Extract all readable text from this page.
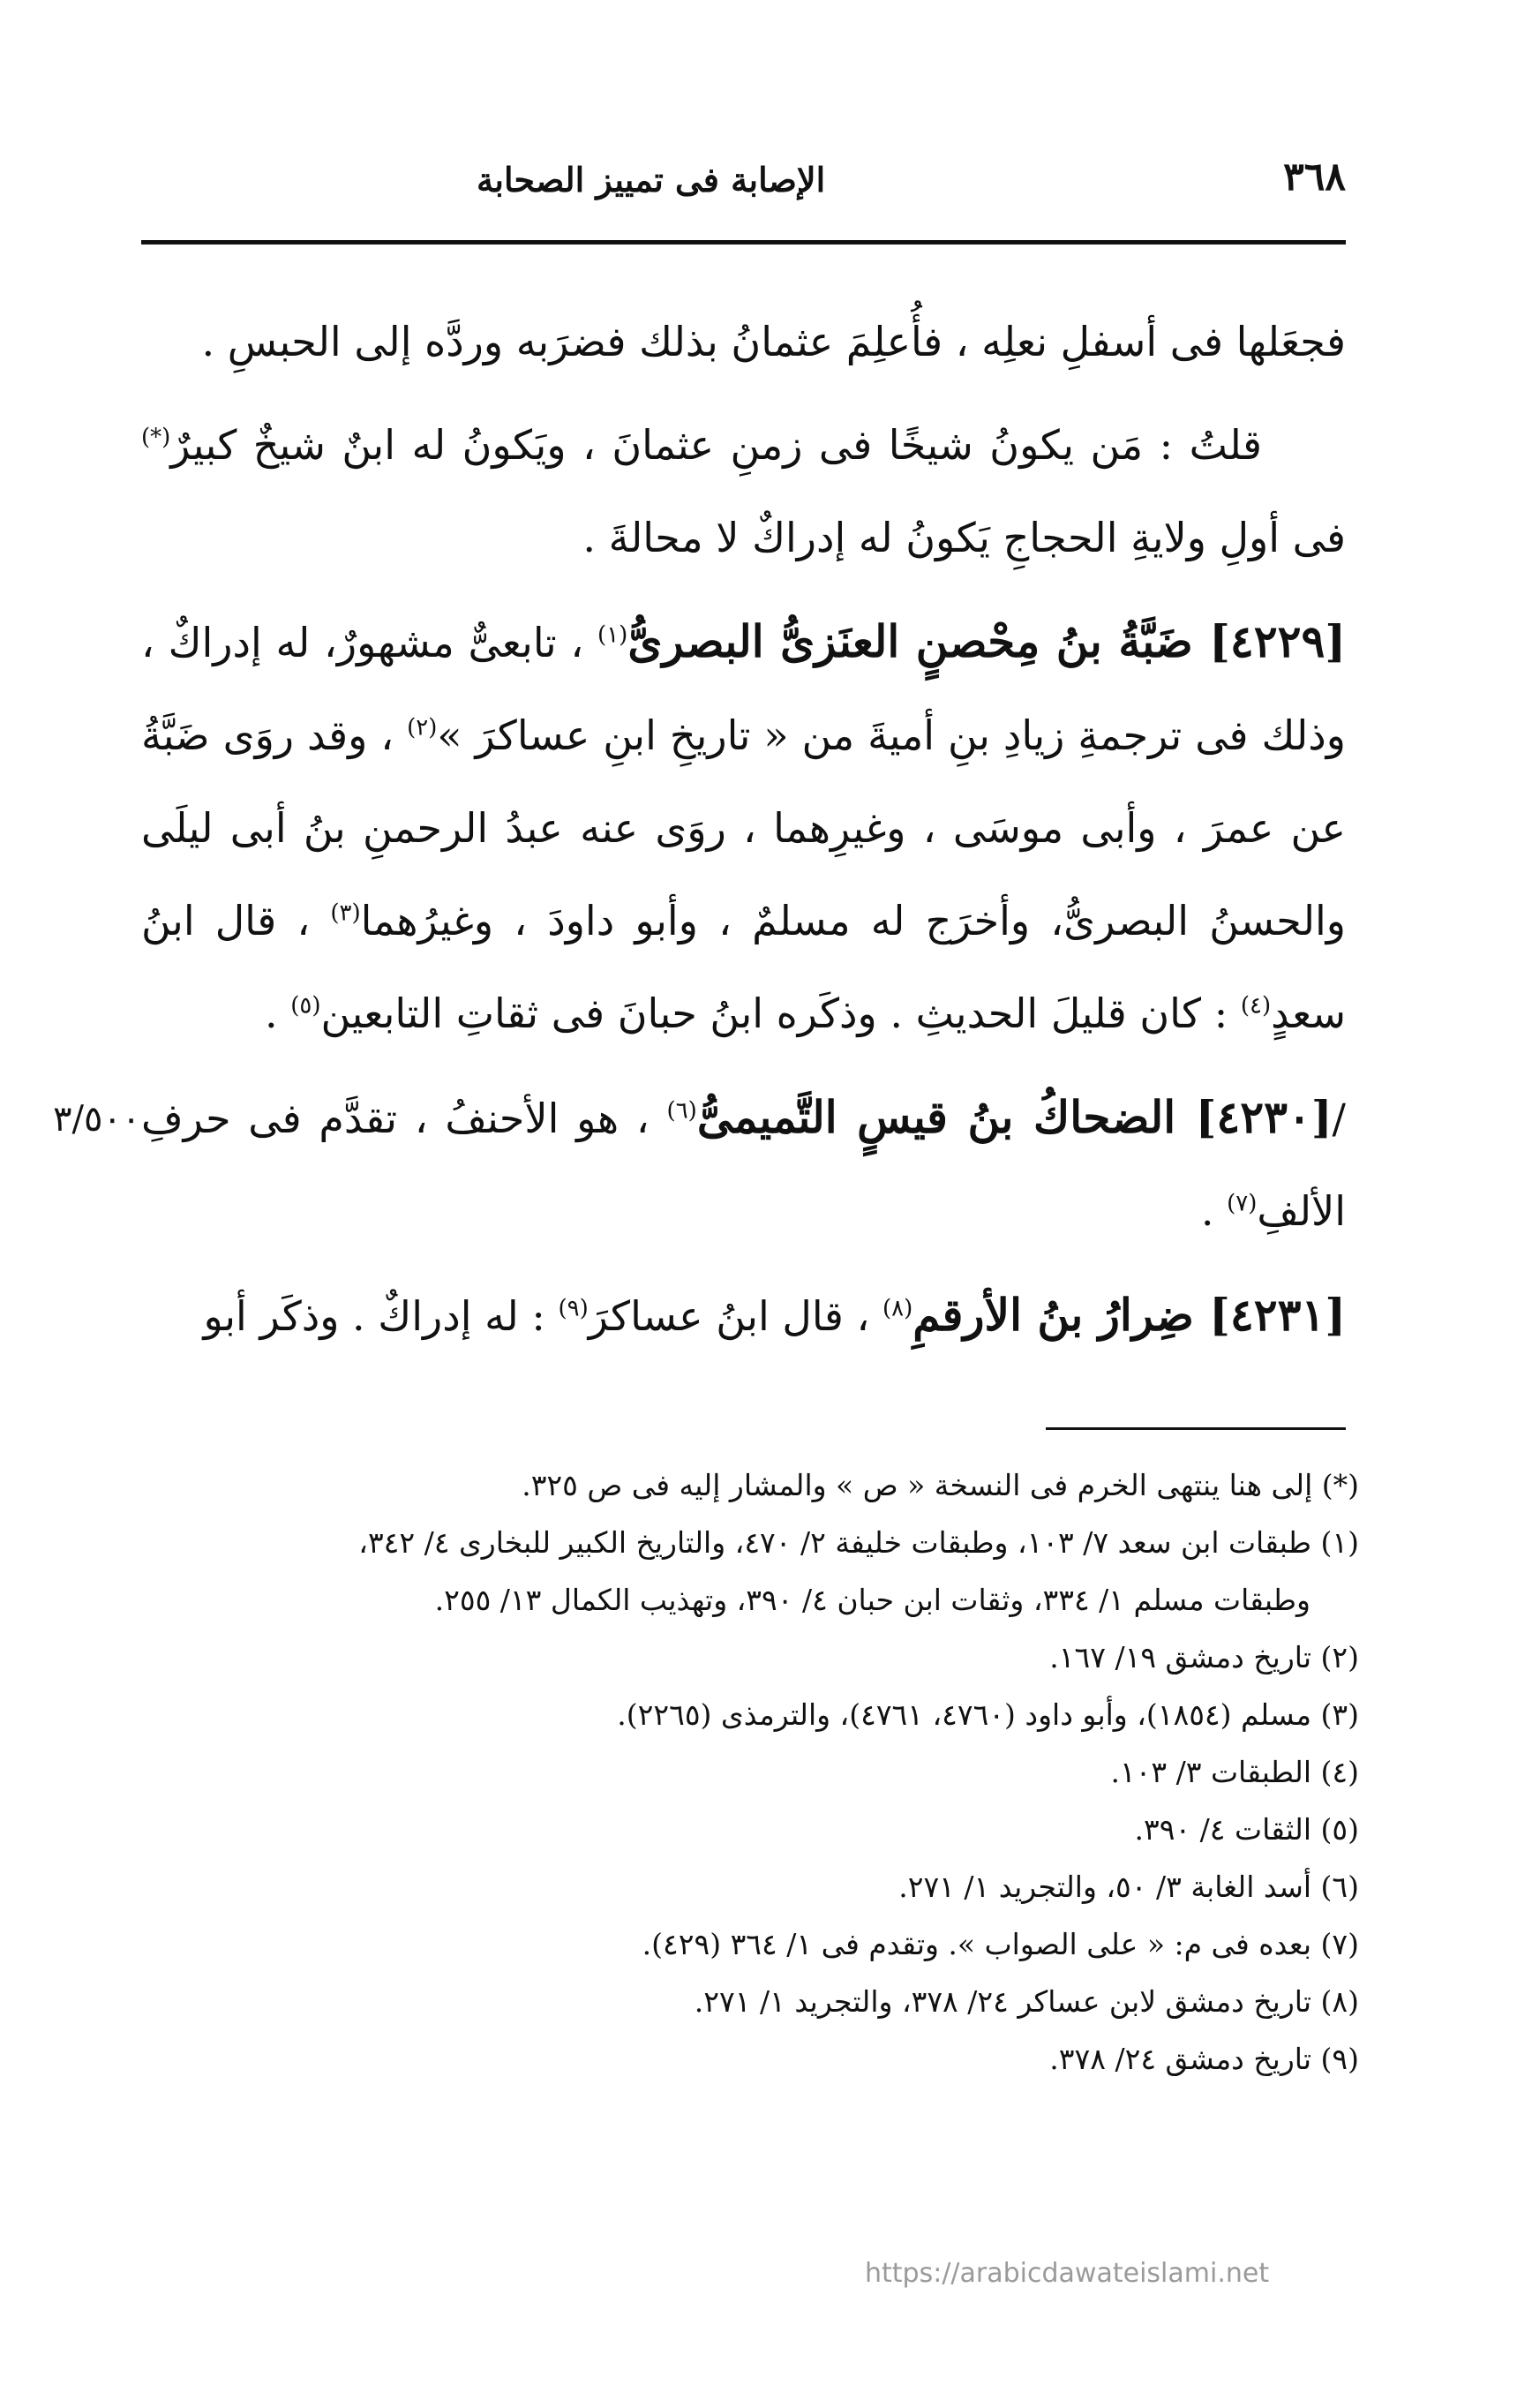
٣٦٨
الإصابة فى تمييز الصحابة
٣/٥٠٠

فجعَلها فى أسفلِ نعلِه ، فأُعلِمَ عثمانُ بذلك فضرَبه وردَّه إلى الحبسِ .

قلتُ : مَن يكونُ شيخًا فى زمنِ عثمانَ ، ويَكونُ له ابنٌ شيخٌ كبيرٌ(*) فى أولِ ولايةِ الحجاجِ يَكونُ له إدراكٌ لا محالةَ .

[٤٢٢٩] ضَبَّةُ بنُ مِحْصنٍ العنَزىُّ البصرىُّ$^{(١)}$ ، تابعىٌّ مشهورٌ، له إدراكٌ ، وذلك فى ترجمةِ زيادِ بنِ أميةَ من « تاريخِ ابنِ عساكرَ »$^{(٢)}$ ، وقد روَى ضَبَّةُ عن عمرَ ، وأبى موسَى ، وغيرِهما ، روَى عنه عبدُ الرحمنِ بنُ أبى ليلَى والحسنُ البصرىُّ، وأخرَج له مسلمٌ ، وأبو داودَ ، وغيرُهما$^{(٣)}$ ، قال ابنُ سعدٍ$^{(٤)}$ : كان قليلَ الحديثِ . وذكَره ابنُ حبانَ فى ثقاتِ التابعين$^{(٥)}$ .

/[٤٢٣٠] الضحاكُ بنُ قيسٍ التَّميمىُّ$^{(٦)}$ ، هو الأحنفُ ، تقدَّم فى حرفِ الألفِ$^{(٧)}$ .

[٤٢٣١] ضِرارُ بنُ الأرقمِ$^{(٨)}$ ، قال ابنُ عساكرَ$^{(٩)}$ : له إدراكٌ . وذكَر أبو

(*) إلى هنا ينتهى الخرم فى النسخة « ص » والمشار إليه فى ص ٣٢٥.
(١) طبقات ابن سعد ٧/ ١٠٣، وطبقات خليفة ٢/ ٤٧٠، والتاريخ الكبير للبخارى ٤/ ٣٤٢،
وطبقات مسلم ١/ ٣٣٤، وثقات ابن حبان ٤/ ٣٩٠، وتهذيب الكمال ١٣/ ٢٥٥.
(٢) تاريخ دمشق ١٩/ ١٦٧.
(٣) مسلم (١٨٥٤)، وأبو داود (٤٧٦٠، ٤٧٦١)، والترمذى (٢٢٦٥).
(٤) الطبقات ٣/ ١٠٣.
(٥) الثقات ٤/ ٣٩٠.
(٦) أسد الغابة ٣/ ٥٠، والتجريد ١/ ٢٧١.
(٧) بعده فى م: « على الصواب ». وتقدم فى ١/ ٣٦٤ (٤٢٩).
(٨) تاريخ دمشق لابن عساكر ٢٤/ ٣٧٨، والتجريد ١/ ٢٧١.
(٩) تاريخ دمشق ٢٤/ ٣٧٨.
https://arabicdawateislami.net
